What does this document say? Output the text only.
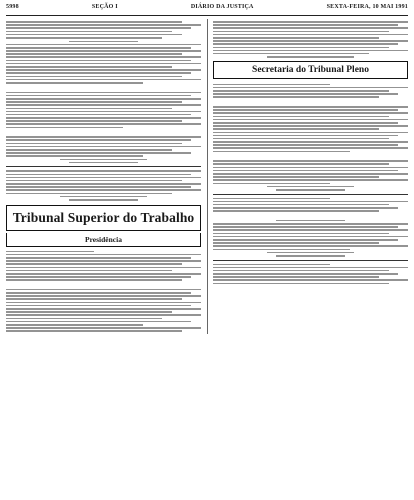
5998	SEÇÃO I	DIÁRIO DA JUSTIÇA	SEXTA-FEIRA, 10 MAI 1991
Tribunal Superior do Trabalho
Presidência
Secretaria do Tribunal Pleno
